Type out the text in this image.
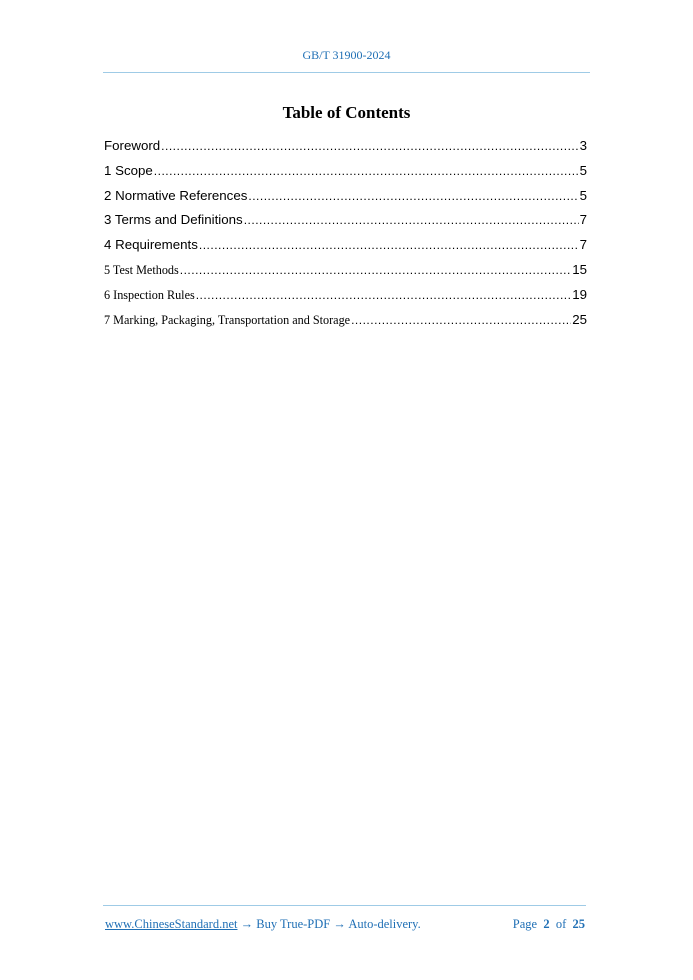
GB/T 31900-2024
Table of Contents
Foreword .....	3
1 Scope .....	5
2 Normative References .....	5
3 Terms and Definitions .....	7
4 Requirements .....	7
5 Test Methods .....	15
6 Inspection Rules .....	19
7 Marking, Packaging, Transportation and Storage .....	25
www.ChineseStandard.net → Buy True-PDF → Auto-delivery.	Page 2 of 25
